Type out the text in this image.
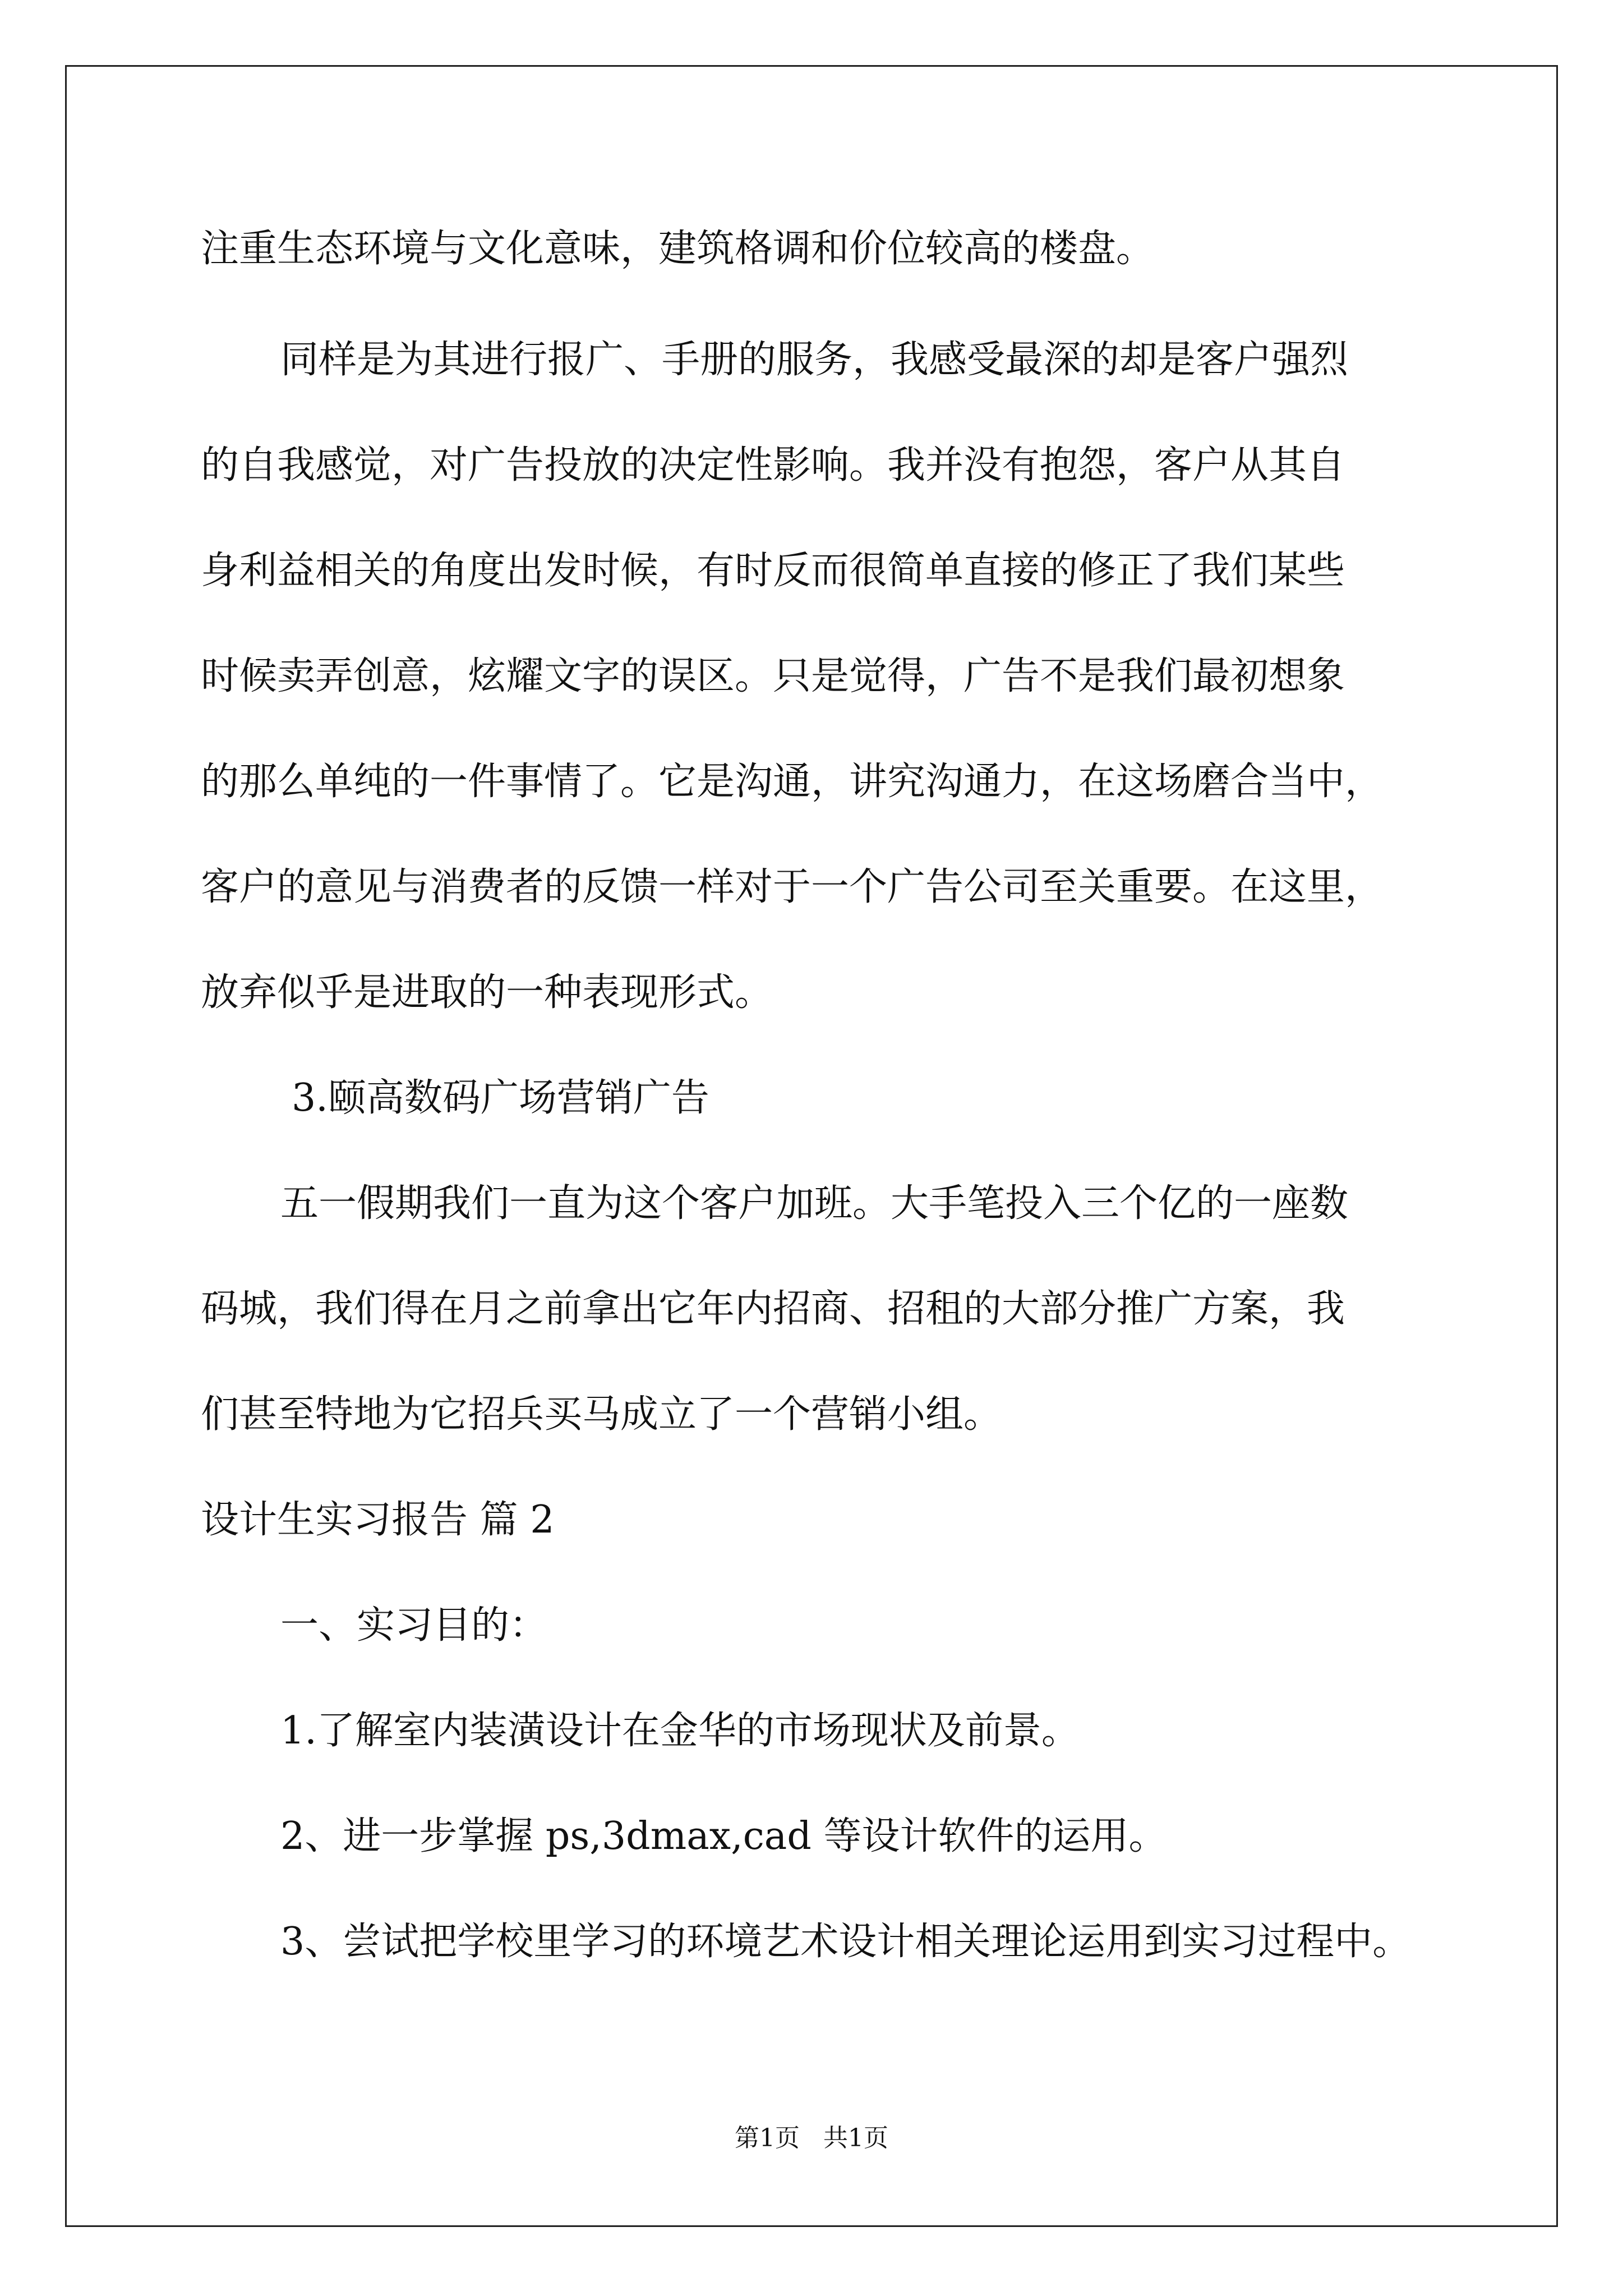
注重生态环境与文化意味，建筑格调和价位较高的楼盘。
同样是为其进行报广、手册的服务，我感受最深的却是客户强烈
的自我感觉，对广告投放的决定性影响。我并没有抱怨，客户从其自
身利益相关的角度出发时候，有时反而很简单直接的修正了我们某些
时候卖弄创意，炫耀文字的误区。只是觉得，广告不是我们最初想象
的那么单纯的一件事情了。它是沟通，讲究沟通力，在这场磨合当中，
客户的意见与消费者的反馈一样对于一个广告公司至关重要。在这里，
放弃似乎是进取的一种表现形式。
3.颐高数码广场营销广告
五一假期我们一直为这个客户加班。大手笔投入三个亿的一座数
码城，我们得在月之前拿出它年内招商、招租的大部分推广方案，我
们甚至特地为它招兵买马成立了一个营销小组。
设计生实习报告 篇 2
一、实习目的：
1.了解室内装潢设计在金华的市场现状及前景。
2、进一步掌握 ps,3dmax,cad 等设计软件的运用。
3、尝试把学校里学习的环境艺术设计相关理论运用到实习过程中。
第1页   共1页
